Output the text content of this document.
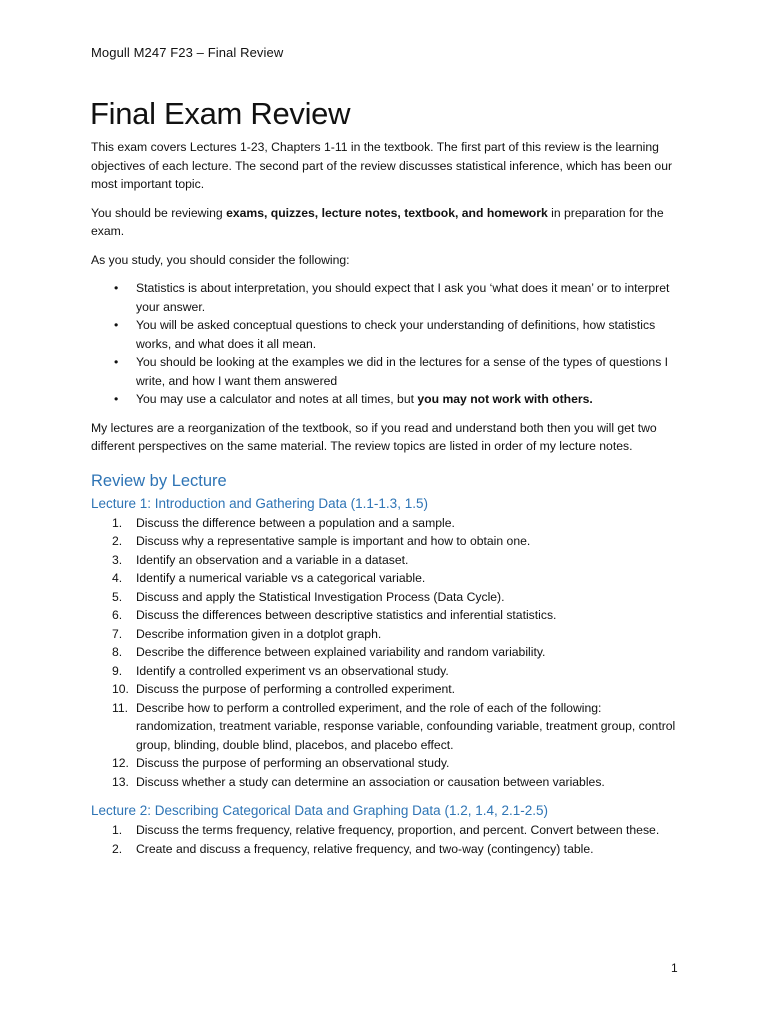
Mogull M247 F23 – Final Review
Final Exam Review

This exam covers Lectures 1-23, Chapters 1-11 in the textbook. The first part of this review is the learning objectives of each lecture. The second part of the review discusses statistical inference, which has been our most important topic.

You should be reviewing exams, quizzes, lecture notes, textbook, and homework in preparation for the exam.

As you study, you should consider the following:

• Statistics is about interpretation, you should expect that I ask you ‘what does it mean’ or to interpret your answer.
• You will be asked conceptual questions to check your understanding of definitions, how statistics works, and what does it all mean.
• You should be looking at the examples we did in the lectures for a sense of the types of questions I write, and how I want them answered
• You may use a calculator and notes at all times, but you may not work with others.

My lectures are a reorganization of the textbook, so if you read and understand both then you will get two different perspectives on the same material. The review topics are listed in order of my lecture notes.

Review by Lecture
Lecture 1: Introduction and Gathering Data (1.1-1.3, 1.5)
1. Discuss the difference between a population and a sample.
2. Discuss why a representative sample is important and how to obtain one.
3. Identify an observation and a variable in a dataset.
4. Identify a numerical variable vs a categorical variable.
5. Discuss and apply the Statistical Investigation Process (Data Cycle).
6. Discuss the differences between descriptive statistics and inferential statistics.
7. Describe information given in a dotplot graph.
8. Describe the difference between explained variability and random variability.
9. Identify a controlled experiment vs an observational study.
10. Discuss the purpose of performing a controlled experiment.
11. Describe how to perform a controlled experiment, and the role of each of the following: randomization, treatment variable, response variable, confounding variable, treatment group, control group, blinding, double blind, placebos, and placebo effect.
12. Discuss the purpose of performing an observational study.
13. Discuss whether a study can determine an association or causation between variables.
Lecture 2: Describing Categorical Data and Graphing Data (1.2, 1.4, 2.1-2.5)
1. Discuss the terms frequency, relative frequency, proportion, and percent. Convert between these.
2. Create and discuss a frequency, relative frequency, and two-way (contingency) table.
1
